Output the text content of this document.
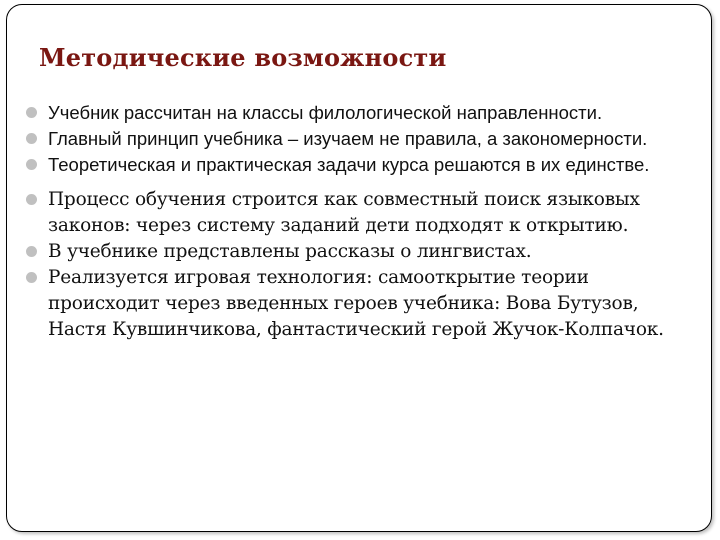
Методические возможности
Учебник рассчитан на классы филологической направленности.
Главный принцип учебника – изучаем не правила, а закономерности.
Теоретическая и практическая задачи курса решаются в их единстве.
Процесс обучения строится как совместный поиск языковых законов: через систему заданий дети подходят к открытию.
В учебнике представлены рассказы о лингвистах.
Реализуется игровая технология: самооткрытие теории происходит через введенных героев учебника: Вова Бутузов, Настя Кувшинчикова, фантастический герой Жучок-Колпачок.
